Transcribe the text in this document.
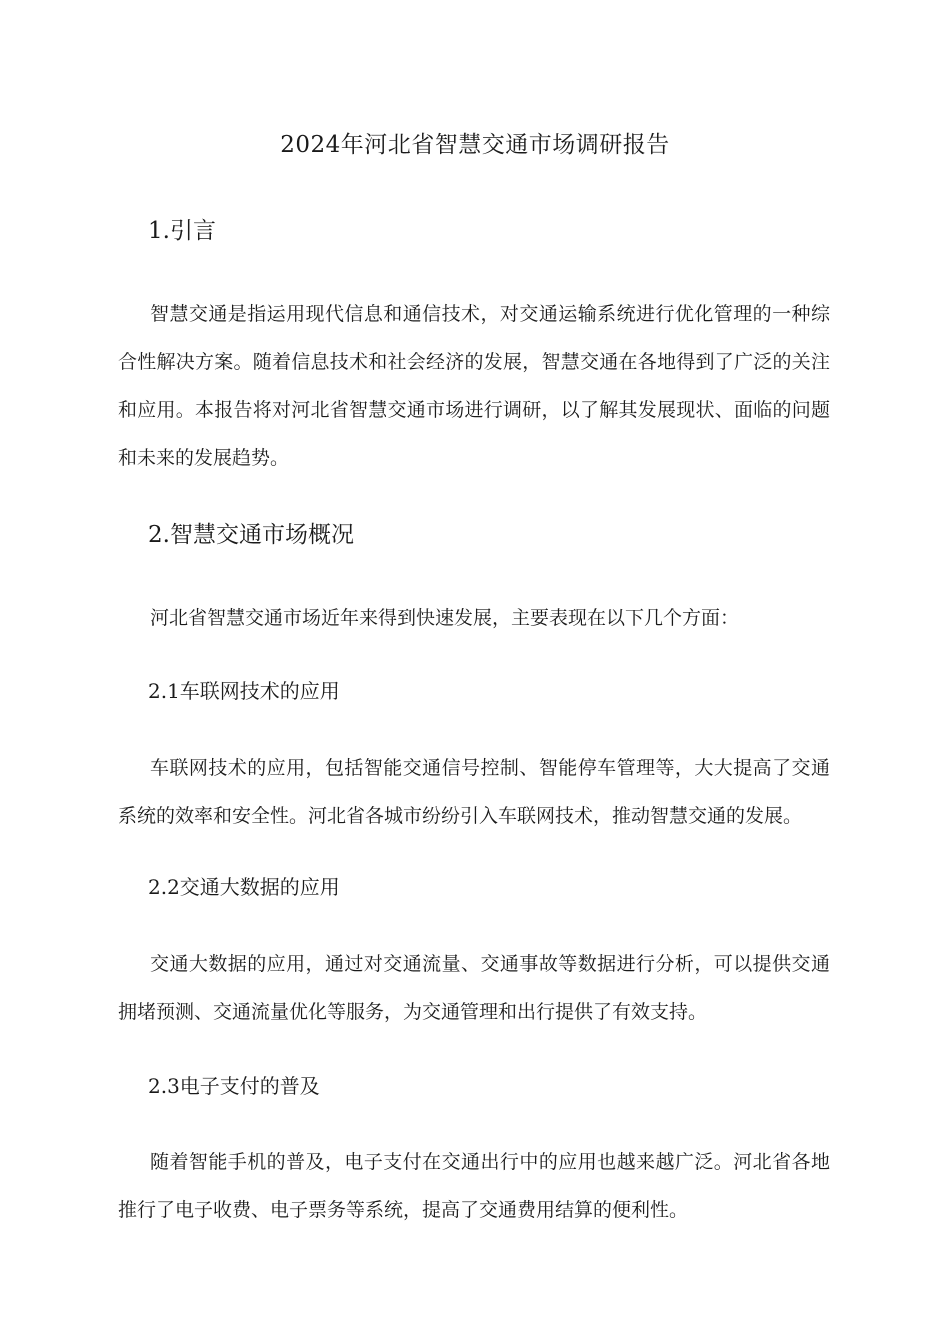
2024年河北省智慧交通市场调研报告
1.引言

智慧交通是指运用现代信息和通信技术，对交通运输系统进行优化管理的一种综合性解决方案。随着信息技术和社会经济的发展，智慧交通在各地得到了广泛的关注和应用。本报告将对河北省智慧交通市场进行调研，以了解其发展现状、面临的问题和未来的发展趋势。

2.智慧交通市场概况

河北省智慧交通市场近年来得到快速发展，主要表现在以下几个方面：

2.1车联网技术的应用

车联网技术的应用，包括智能交通信号控制、智能停车管理等，大大提高了交通系统的效率和安全性。河北省各城市纷纷引入车联网技术，推动智慧交通的发展。

2.2交通大数据的应用

交通大数据的应用，通过对交通流量、交通事故等数据进行分析，可以提供交通拥堵预测、交通流量优化等服务，为交通管理和出行提供了有效支持。

2.3电子支付的普及

随着智能手机的普及，电子支付在交通出行中的应用也越来越广泛。河北省各地推行了电子收费、电子票务等系统，提高了交通费用结算的便利性。
